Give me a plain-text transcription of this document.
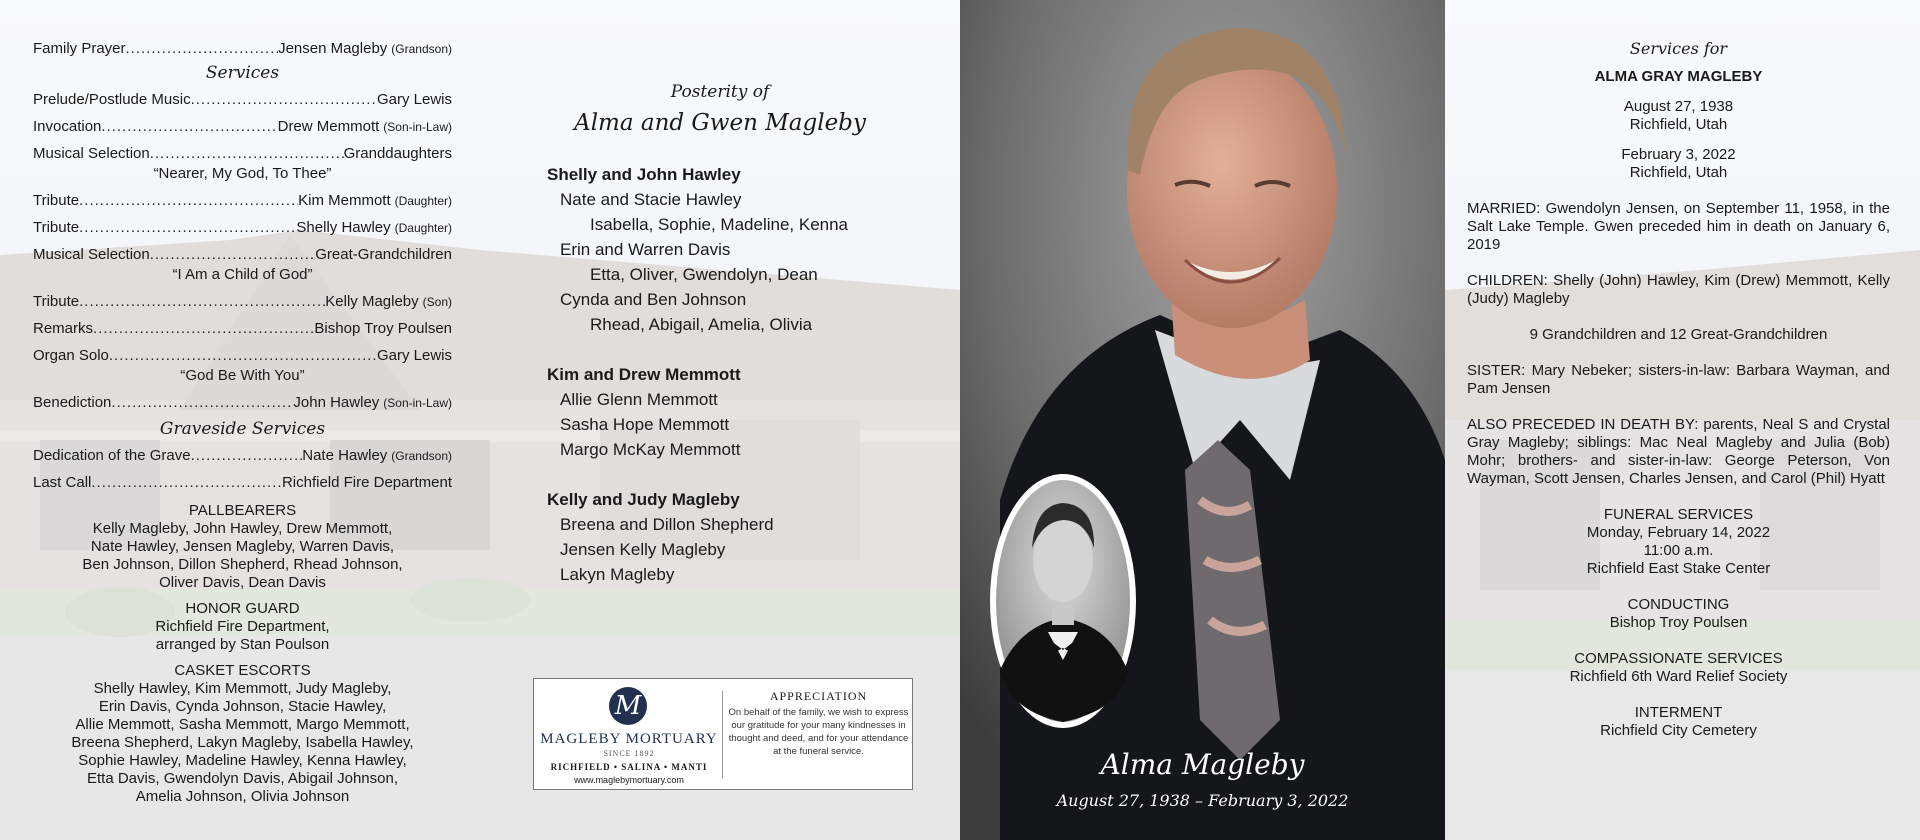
Family Prayer .....	Jensen Magleby (Grandson)
Services
Prelude/Postlude Music .....	Gary Lewis
Invocation .....	Drew Memmott (Son-in-Law)
Musical Selection .....	Granddaughters
“Nearer, My God, To Thee”
Tribute .....	Kim Memmott (Daughter)
Tribute .....	Shelly Hawley (Daughter)
Musical Selection .....	Great-Grandchildren
“I Am a Child of God”
Tribute .....	Kelly Magleby (Son)
Remarks .....	Bishop Troy Poulsen
Organ Solo .....	Gary Lewis
“God Be With You”
Benediction .....	John Hawley (Son-in-Law)
Graveside Services
Dedication of the Grave .....	Nate Hawley (Grandson)
Last Call .....	Richfield Fire Department
PALLBEARERS
Kelly Magleby, John Hawley, Drew Memmott,
Nate Hawley, Jensen Magleby, Warren Davis,
Ben Johnson, Dillon Shepherd, Rhead Johnson,
Oliver Davis, Dean Davis
HONOR GUARD
Richfield Fire Department,
arranged by Stan Poulson
CASKET ESCORTS
Shelly Hawley, Kim Memmott, Judy Magleby,
Erin Davis, Cynda Johnson, Stacie Hawley,
Allie Memmott, Sasha Memmott, Margo Memmott,
Breena Shepherd, Lakyn Magleby, Isabella Hawley,
Sophie Hawley, Madeline Hawley, Kenna Hawley,
Etta Davis, Gwendolyn Davis, Abigail Johnson,
Amelia Johnson, Olivia Johnson
Posterity of
Alma and Gwen Magleby
Shelly and John Hawley
Nate and Stacie Hawley
Isabella, Sophie, Madeline, Kenna
Erin and Warren Davis
Etta, Oliver, Gwendolyn, Dean
Cynda and Ben Johnson
Rhead, Abigail, Amelia, Olivia
Kim and Drew Memmott
Allie Glenn Memmott
Sasha Hope Memmott
Margo McKay Memmott
Kelly and Judy Magleby
Breena and Dillon Shepherd
Jensen Kelly Magleby
Lakyn Magleby
M
MAGLEBY MORTUARY
SINCE 1892
RICHFIELD • SALINA • MANTI
www.maglebymortuary.com
APPRECIATION
On behalf of the family, we wish to express our gratitude for your many kindnesses in thought and deed, and for your attendance at the funeral service.	Alma Magleby
August 27, 1938 – February 3, 2022
Services for
ALMA GRAY MAGLEBY
August 27, 1938
Richfield, Utah
February 3, 2022
Richfield, Utah
MARRIED: Gwendolyn Jensen, on September 11, 1958, in the Salt Lake Temple. Gwen preceded him in death on January 6, 2019
CHILDREN: Shelly (John) Hawley, Kim (Drew) Memmott, Kelly (Judy) Magleby
9 Grandchildren and 12 Great-Grandchildren
SISTER: Mary Nebeker; sisters-in-law: Barbara Wayman, and Pam Jensen
ALSO PRECEDED IN DEATH BY: parents, Neal S and Crystal Gray Magleby; siblings: Mac Neal Magleby and Julia (Bob) Mohr; brothers- and sister-in-law: George Peterson, Von Wayman, Scott Jensen, Charles Jensen, and Carol (Phil) Hyatt
FUNERAL SERVICES
Monday, February 14, 2022
11:00 a.m.
Richfield East Stake Center
CONDUCTING
Bishop Troy Poulsen
COMPASSIONATE SERVICES
Richfield 6th Ward Relief Society
INTERMENT
Richfield City Cemetery
